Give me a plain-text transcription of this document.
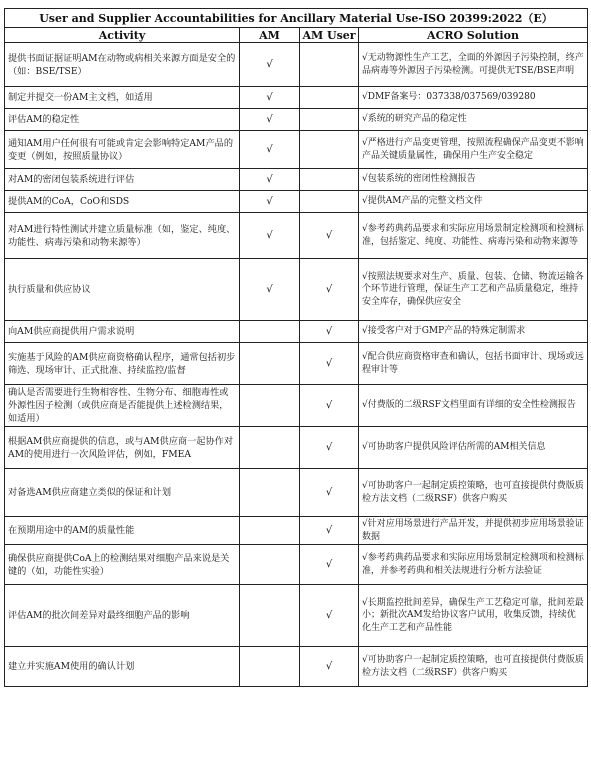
User and Supplier Accountabilities for Ancillary Material Use-ISO 20399:2022（E）			
Activity	AM	AM User	ACRO Solution
提供书面证据证明AM在动物或病相关来源方面是安全的（如：BSE/TSE）	√		√无动物源性生产工艺，全面的外源因子污染控制，终产品病毒等外源因子污染检测。可提供无TSE/BSE声明
制定并提交一份AM主文档，如适用	√		√DMF备案号：037338/037569/039280
评估AM的稳定性	√		√系统的研究产品的稳定性
通知AM用户任何很有可能或肯定会影响特定AM产品的变更（例如，按照质量协议）	√		√严格进行产品变更管理，按照流程确保产品变更不影响产品关键质量属性，确保用户生产安全稳定
对AM的密闭包装系统进行评估	√		√包装系统的密闭性检测报告
提供AM的CoA，CoO和SDS	√		√提供AM产品的完整文档文件
对AM进行特性测试并建立质量标准（如，鉴定、纯度、功能性、病毒污染和动物来源等）	√	√	√参考药典药品要求和实际应用场景制定检测项和检测标准，包括鉴定、纯度、功能性、病毒污染和动物来源等
执行质量和供应协议	√	√	√按照法规要求对生产、质量、包装、仓储、物流运输各个环节进行管理，保证生产工艺和产品质量稳定，维持安全库存，确保供应安全
向AM供应商提供用户需求说明		√	√接受客户对于GMP产品的特殊定制需求
实施基于风险的AM供应商资格确认程序，通常包括初步筛选、现场审计、正式批准、持续监控/监督		√	√配合供应商资格审查和确认，包括书面审计、现场或远程审计等
确认是否需要进行生物相容性、生物分布、细胞毒性或外源性因子检测（或供应商是否能提供上述检测结果，如适用）		√	√付费版的二级RSF文档里面有详细的安全性检测报告
根据AM供应商提供的信息，或与AM供应商一起协作对AM的使用进行一次风险评估，例如，FMEA		√	√可协助客户提供风险评估所需的AM相关信息
对备选AM供应商建立类似的保证和计划		√	√可协助客户一起制定质控策略，也可直接提供付费版质检方法文档（二级RSF）供客户购买
在预期用途中的AM的质量性能		√	√针对应用场景进行产品开发，并提供初步应用场景验证数据
确保供应商提供CoA上的检测结果对细胞产品来说是关键的（如，功能性实验）		√	√参考药典药品要求和实际应用场景制定检测项和检测标准，并参考药典和相关法规进行分析方法验证
评估AM的批次间差异对最终细胞产品的影响		√	√长期监控批间差异，确保生产工艺稳定可靠，批间差最小；新批次AM发给协议客户试用，收集反馈，持续优化生产工艺和产品性能
建立并实施AM使用的确认计划		√	√可协助客户一起制定质控策略，也可直接提供付费版质检方法文档（二级RSF）供客户购买
